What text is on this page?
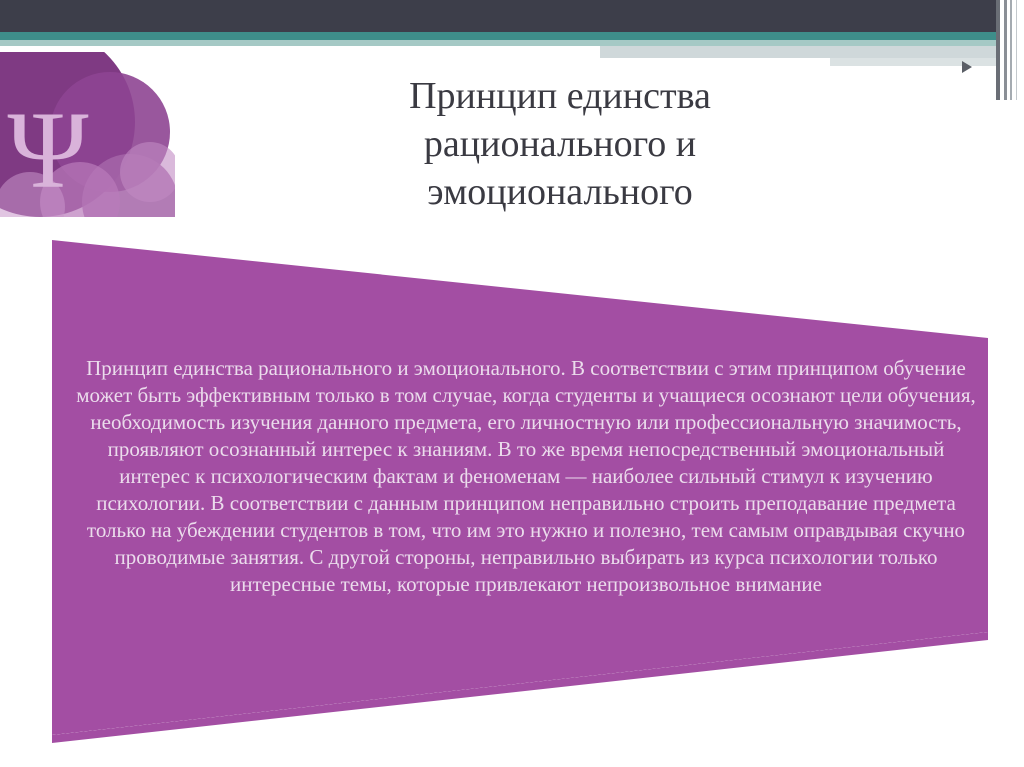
Ψ	Принцип единства рационального и эмоционального
Принцип единства рационального и эмоционального. В соответствии с этим принципом обучение может быть эффективным только в том случае, когда студенты и учащиеся осознают цели обучения, необходимость изучения данного предмета, его личностную или профессиональную значимость, проявляют осознанный интерес к знаниям. В то же время непосредственный эмоциональный интерес к психологическим фактам и феноменам — наиболее сильный стимул к изучению психологии. В соответствии с данным принципом неправильно строить преподавание предмета только на убеждении студентов в том, что им это нужно и полезно, тем самым оправдывая скучно проводимые занятия. С другой стороны, неправильно выбирать из курса психологии только интересные темы, которые привлекают непроизвольное внимание
